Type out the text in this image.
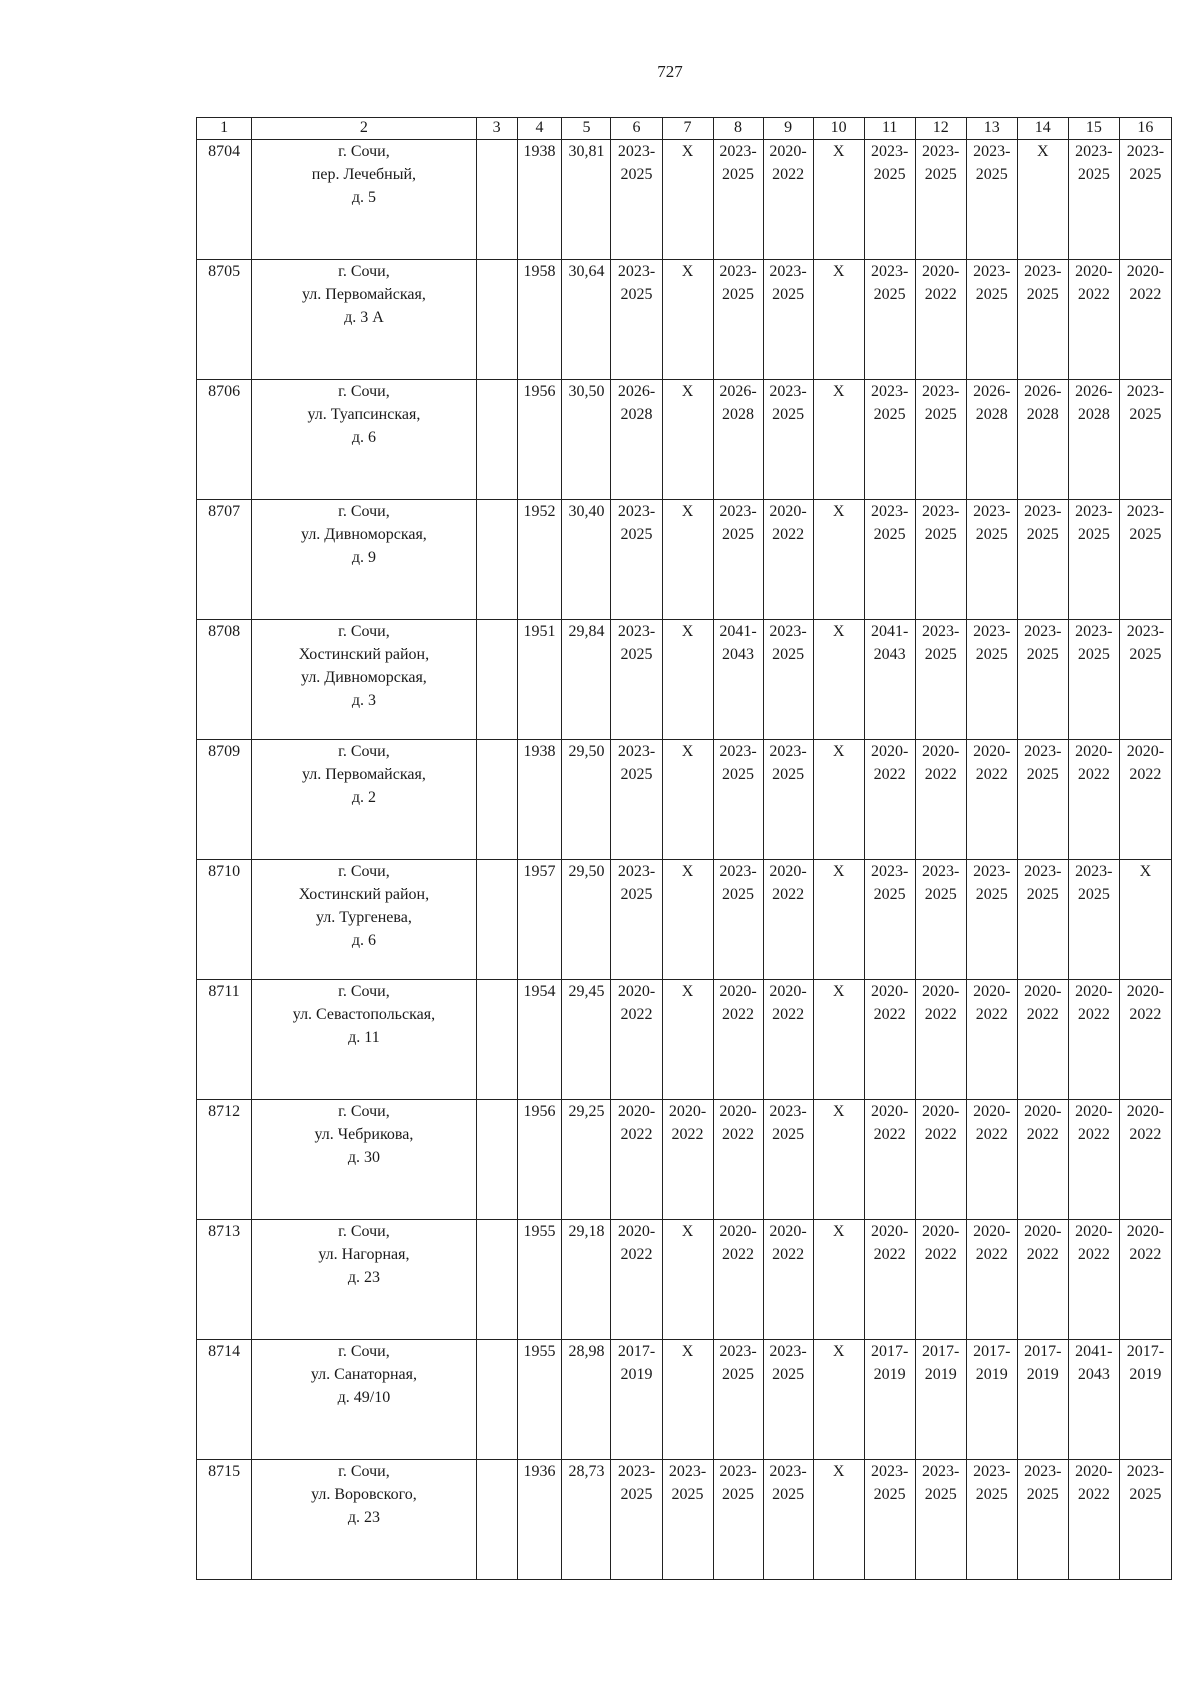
727
1	2	3	4	5	6	7	8	9	10	11	12	13	14	15	16
8704	г. Сочи,
пер. Лечебный,
д. 5		1938	30,81	2023-
2025	X	2023-
2025	2020-
2022	X	2023-
2025	2023-
2025	2023-
2025	X	2023-
2025	2023-
2025
8705	г. Сочи,
ул. Первомайская,
д. 3 А		1958	30,64	2023-
2025	X	2023-
2025	2023-
2025	X	2023-
2025	2020-
2022	2023-
2025	2023-
2025	2020-
2022	2020-
2022
8706	г. Сочи,
ул. Туапсинская,
д. 6		1956	30,50	2026-
2028	X	2026-
2028	2023-
2025	X	2023-
2025	2023-
2025	2026-
2028	2026-
2028	2026-
2028	2023-
2025
8707	г. Сочи,
ул. Дивноморская,
д. 9		1952	30,40	2023-
2025	X	2023-
2025	2020-
2022	X	2023-
2025	2023-
2025	2023-
2025	2023-
2025	2023-
2025	2023-
2025
8708	г. Сочи,
Хостинский район,
ул. Дивноморская,
д. 3		1951	29,84	2023-
2025	X	2041-
2043	2023-
2025	X	2041-
2043	2023-
2025	2023-
2025	2023-
2025	2023-
2025	2023-
2025
8709	г. Сочи,
ул. Первомайская,
д. 2		1938	29,50	2023-
2025	X	2023-
2025	2023-
2025	X	2020-
2022	2020-
2022	2020-
2022	2023-
2025	2020-
2022	2020-
2022
8710	г. Сочи,
Хостинский район,
ул. Тургенева,
д. 6		1957	29,50	2023-
2025	X	2023-
2025	2020-
2022	X	2023-
2025	2023-
2025	2023-
2025	2023-
2025	2023-
2025	X
8711	г. Сочи,
ул. Севастопольская,
д. 11		1954	29,45	2020-
2022	X	2020-
2022	2020-
2022	X	2020-
2022	2020-
2022	2020-
2022	2020-
2022	2020-
2022	2020-
2022
8712	г. Сочи,
ул. Чебрикова,
д. 30		1956	29,25	2020-
2022	2020-
2022	2020-
2022	2023-
2025	X	2020-
2022	2020-
2022	2020-
2022	2020-
2022	2020-
2022	2020-
2022
8713	г. Сочи,
ул. Нагорная,
д. 23		1955	29,18	2020-
2022	X	2020-
2022	2020-
2022	X	2020-
2022	2020-
2022	2020-
2022	2020-
2022	2020-
2022	2020-
2022
8714	г. Сочи,
ул. Санаторная,
д. 49/10		1955	28,98	2017-
2019	X	2023-
2025	2023-
2025	X	2017-
2019	2017-
2019	2017-
2019	2017-
2019	2041-
2043	2017-
2019
8715	г. Сочи,
ул. Воровского,
д. 23		1936	28,73	2023-
2025	2023-
2025	2023-
2025	2023-
2025	X	2023-
2025	2023-
2025	2023-
2025	2023-
2025	2020-
2022	2023-
2025
